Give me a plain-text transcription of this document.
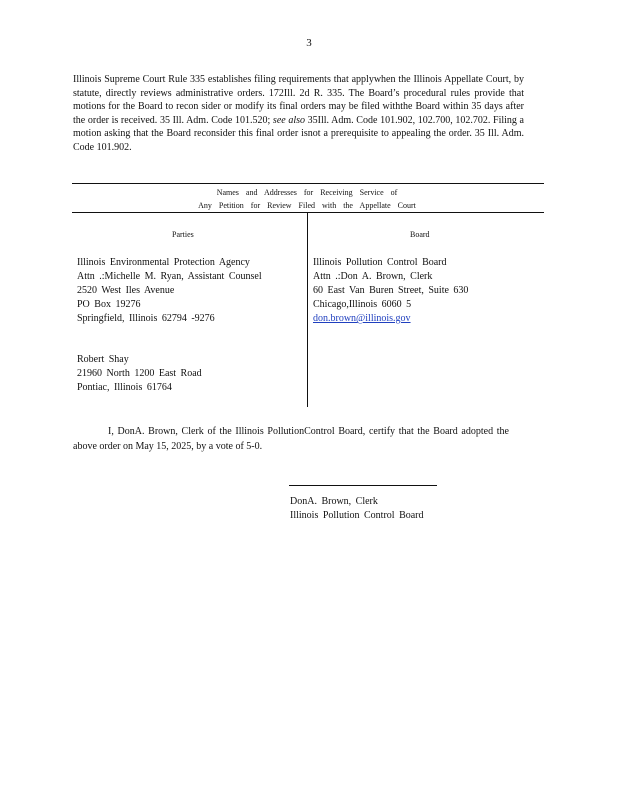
3

Illinois Supreme Court Rule 335 establishes filing requirements that applywhen the Illinois Appellate Court, by statute, directly reviews administrative orders. 172Ill. 2d R. 335. The Board’s procedural rules provide that motions for the Board to recon sider or modify its final orders may be filed withthe Board within 35 days after the order is received. 35 Ill. Adm. Code 101.520; see also 35Ill. Adm. Code 101.902, 102.700, 102.702. Filing a motion asking that the Board reconsider this final order isnot a prerequisite to appealing the order. 35 Ill. Adm. Code 101.902.

Names and Addresses for Receiving Service of
Any Petition for Review Filed with the Appellate Court
Parties	Board
Illinois Environmental Protection Agency
Attn .:Michelle M. Ryan, Assistant Counsel
2520 West Iles Avenue
PO Box 19276
Springfield, Illinois 62794 -9276
Robert Shay
21960 North 1200 East Road
Pontiac, Illinois 61764
Illinois Pollution Control Board
Attn .:Don A. Brown, Clerk
60 East Van Buren Street, Suite 630
Chicago,Illinois 6060 5
don.brown@illinois.gov

I, DonA. Brown, Clerk of the Illinois PollutionControl Board, certify that the Board adopted the above order on May 15, 2025, by a vote of 5-0.

DonA. Brown, Clerk
Illinois Pollution Control Board
